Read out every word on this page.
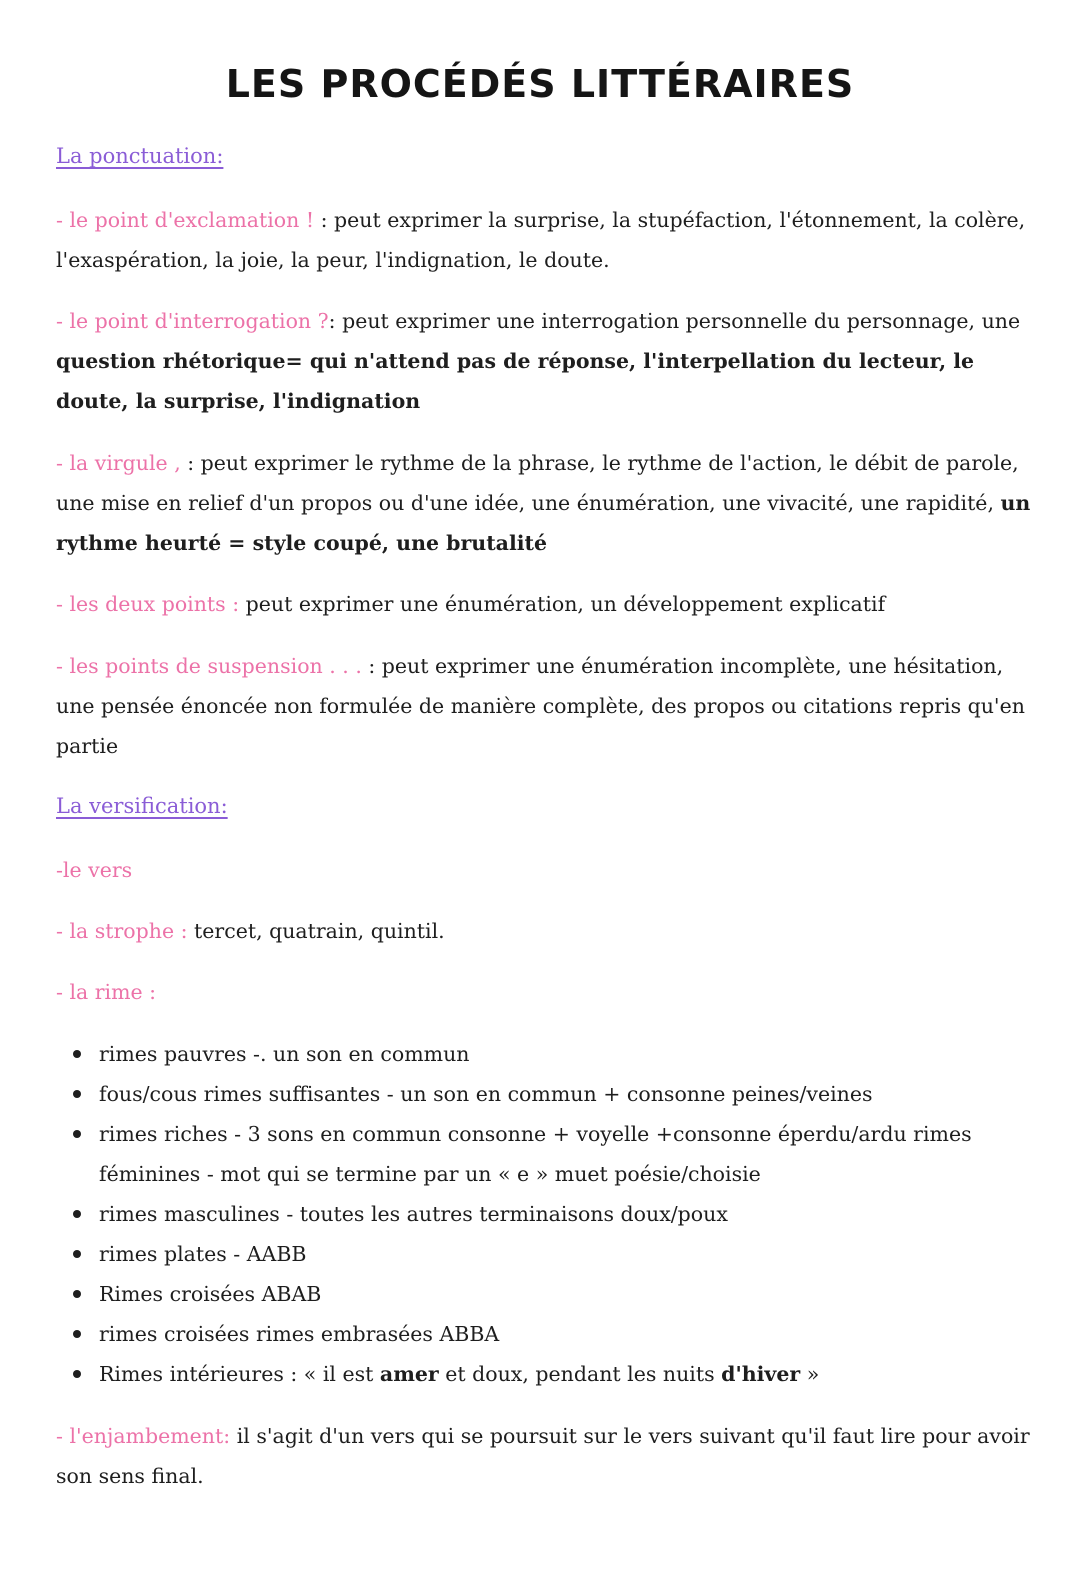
LES PROCÉDÉS LITTÉRAIRES
La ponctuation:

- le point d'exclamation ! : peut exprimer la surprise, la stupéfaction, l'étonnement, la colère, l'exaspération, la joie, la peur, l'indignation, le doute.

- le point d'interrogation ?: peut exprimer une interrogation personnelle du personnage, une question rhétorique= qui n'attend pas de réponse, l'interpellation du lecteur, le doute, la surprise, l'indignation

- la virgule , : peut exprimer le rythme de la phrase, le rythme de l'action, le débit de parole, une mise en relief d'un propos ou d'une idée, une énumération, une vivacité, une rapidité, un rythme heurté = style coupé, une brutalité

- les deux points : peut exprimer une énumération, un développement explicatif

- les points de suspension . . . : peut exprimer une énumération incomplète, une hésitation, une pensée énoncée non formulée de manière complète, des propos ou citations repris qu'en partie

La versification:

-le vers

- la strophe : tercet, quatrain, quintil.

- la rime :

rimes pauvres -. un son en commun
fous/cous rimes suffisantes - un son en commun + consonne peines/veines
rimes riches - 3 sons en commun consonne + voyelle +consonne éperdu/ardu rimes féminines - mot qui se termine par un « e » muet poésie/choisie
rimes masculines - toutes les autres terminaisons doux/poux
rimes plates - AABB
Rimes croisées ABAB
rimes croisées rimes embrasées ABBA
Rimes intérieures : « il est amer et doux, pendant les nuits d'hiver »

- l'enjambement: il s'agit d'un vers qui se poursuit sur le vers suivant qu'il faut lire pour avoir son sens final.
